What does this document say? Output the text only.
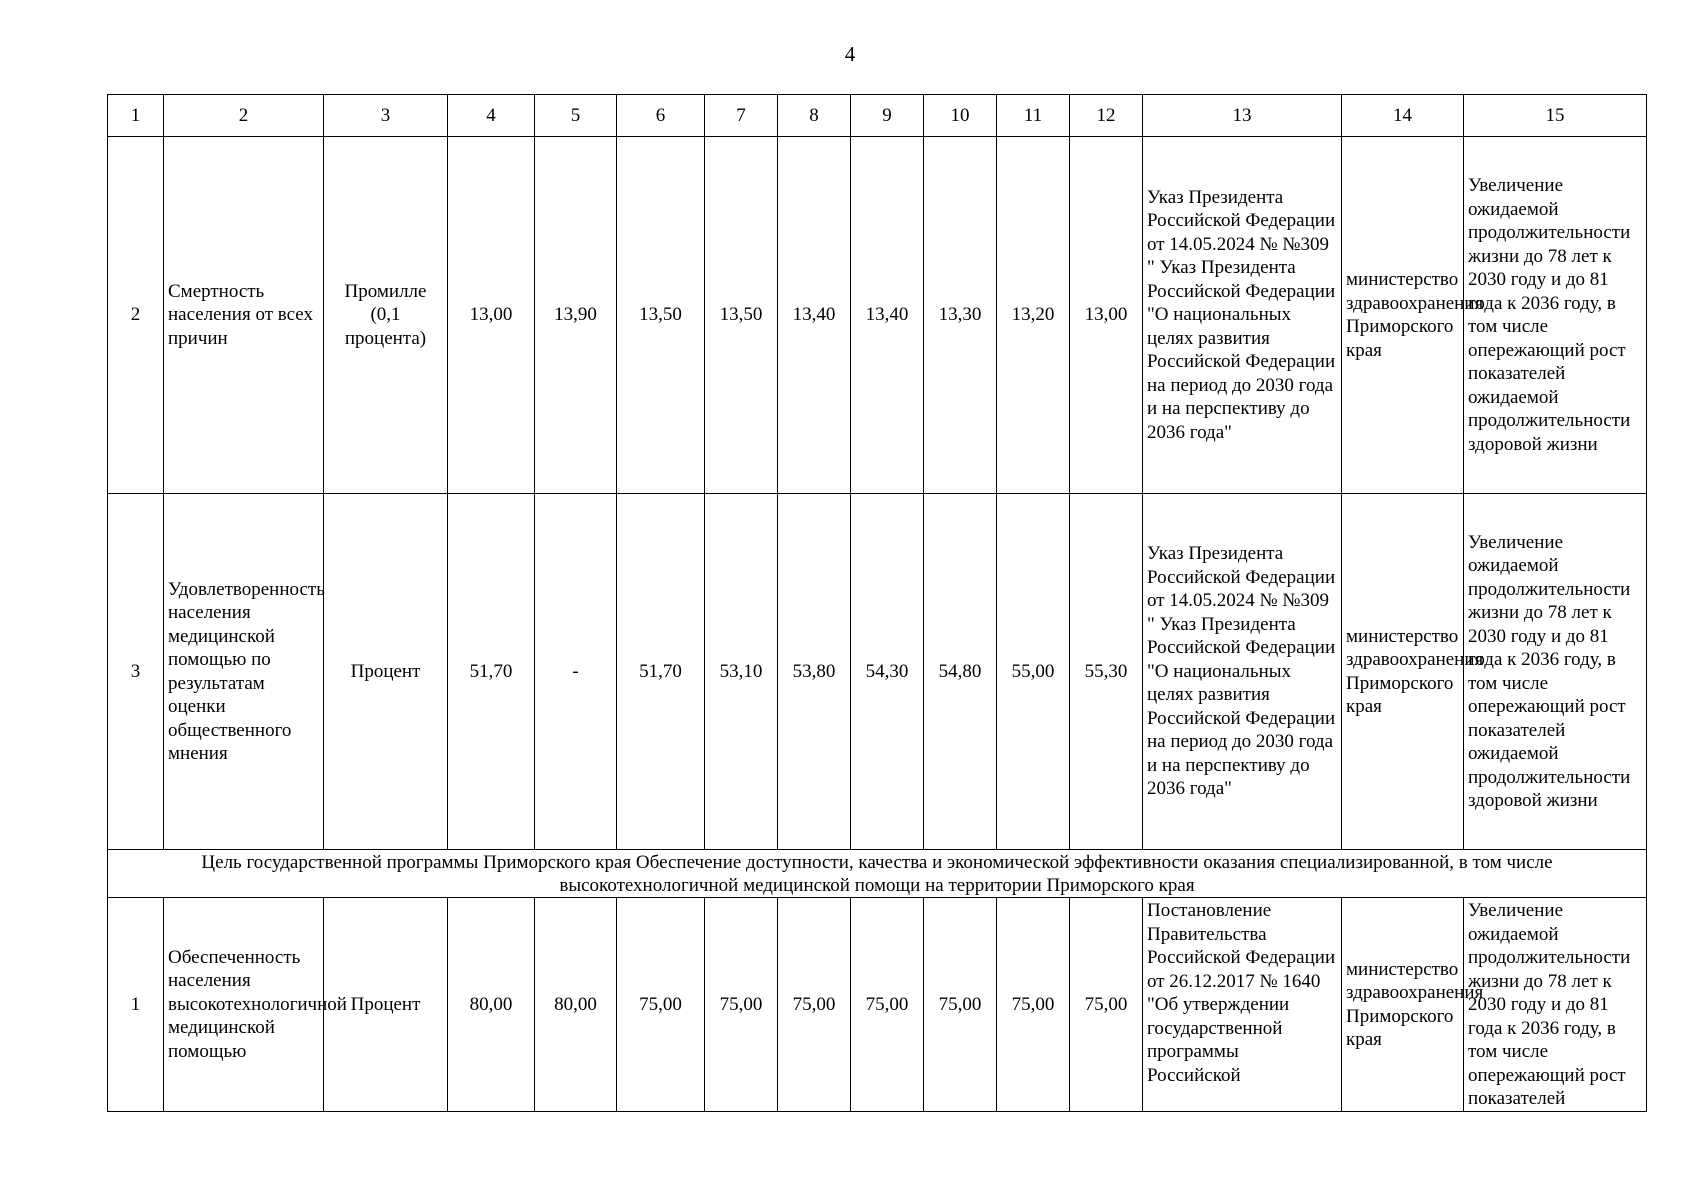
4
1	2	3	4	5	6	7	8	9	10	11	12	13	14	15
2	Смертность населения от всех причин	Промилле (0,1 процента)	13,00	13,90	13,50	13,50	13,40	13,40	13,30	13,20	13,00	Указ Президента Российской Федерации от 14.05.2024 № №309 " Указ Президента Российской Федерации "О национальных целях развития Российской Федерации на период до 2030 года и на перспективу до 2036 года"	министерство здравоохранения Приморского края	Увеличение ожидаемой продолжительности жизни до 78 лет к 2030 году и до 81 года к 2036 году, в том числе опережающий рост показателей ожидаемой продолжительности здоровой жизни
3	Удовлетворенность населения медицинской помощью по результатам оценки общественного мнения	Процент	51,70	-	51,70	53,10	53,80	54,30	54,80	55,00	55,30	Указ Президента Российской Федерации от 14.05.2024 № №309 " Указ Президента Российской Федерации "О национальных целях развития Российской Федерации на период до 2030 года и на перспективу до 2036 года"	министерство здравоохранения Приморского края	Увеличение ожидаемой продолжительности жизни до 78 лет к 2030 году и до 81 года к 2036 году, в том числе опережающий рост показателей ожидаемой продолжительности здоровой жизни
Цель государственной программы Приморского края Обеспечение доступности, качества и экономической эффективности оказания специализированной, в том числе высокотехнологичной медицинской помощи на территории Приморского края														
1	Обеспеченность населения высокотехнологичной медицинской помощью	Процент	80,00	80,00	75,00	75,00	75,00	75,00	75,00	75,00	75,00	Постановление Правительства Российской Федерации от 26.12.2017 № 1640 "Об утверждении государственной программы Российской	министерство здравоохранения Приморского края	Увеличение ожидаемой продолжительности жизни до 78 лет к 2030 году и до 81 года к 2036 году, в том числе опережающий рост показателей
